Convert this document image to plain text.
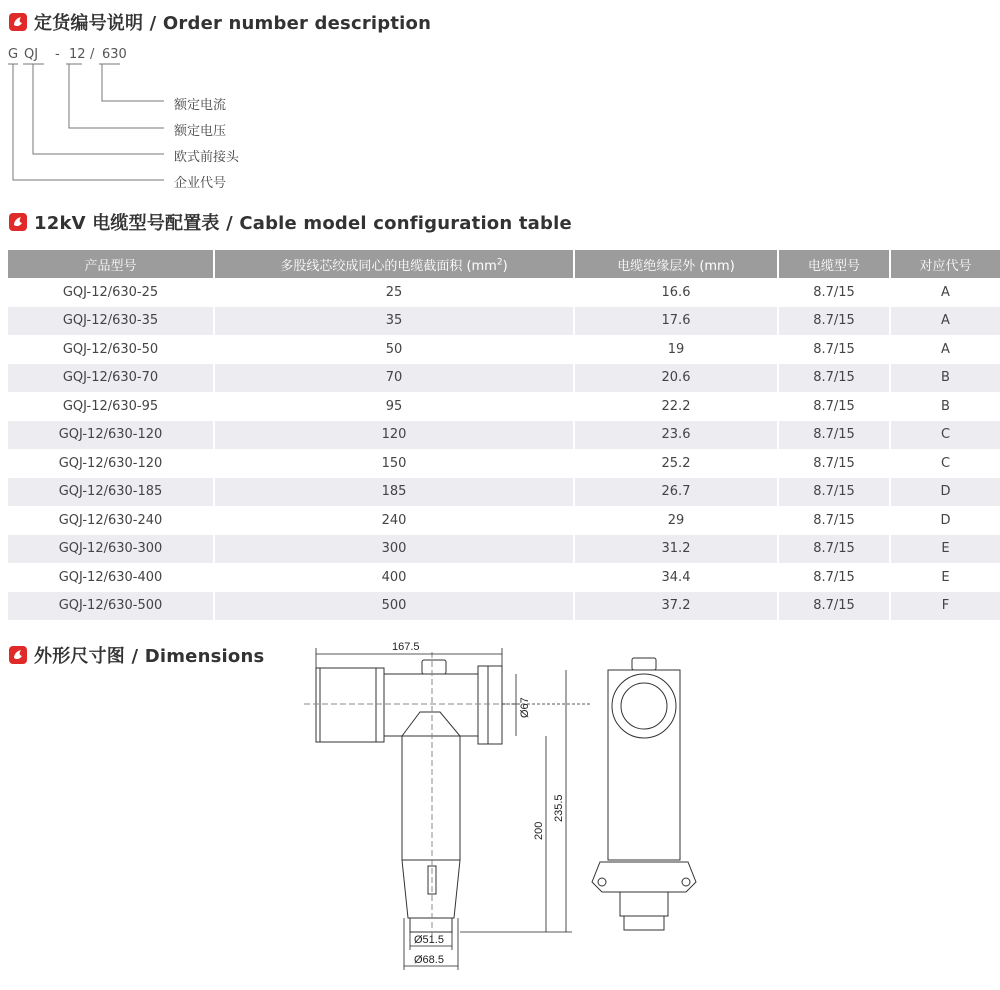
定货编号说明 / Order number description
G QJ - 12 / 630
额定电流
额定电压
欧式前接头
企业代号
12kV 电缆型号配置表 / Cable model configuration table
产品型号	多股线芯绞成同心的电缆截面积 $(mm^2)$	电缆绝缘层外 (mm)	电缆型号	对应代号
GQJ-12/630-25	25	16.6	8.7/15	A
GQJ-12/630-35	35	17.6	8.7/15	A
GQJ-12/630-50	50	19	8.7/15	A
GQJ-12/630-70	70	20.6	8.7/15	B
GQJ-12/630-95	95	22.2	8.7/15	B
GQJ-12/630-120	120	23.6	8.7/15	C
GQJ-12/630-120	150	25.2	8.7/15	C
GQJ-12/630-185	185	26.7	8.7/15	D
GQJ-12/630-240	240	29	8.7/15	D
GQJ-12/630-300	300	31.2	8.7/15	E
GQJ-12/630-400	400	34.4	8.7/15	E
GQJ-12/630-500	500	37.2	8.7/15	F
外形尺寸图 / Dimensions	167.5
Ø67
200
235.5
Ø51.5
Ø68.5
